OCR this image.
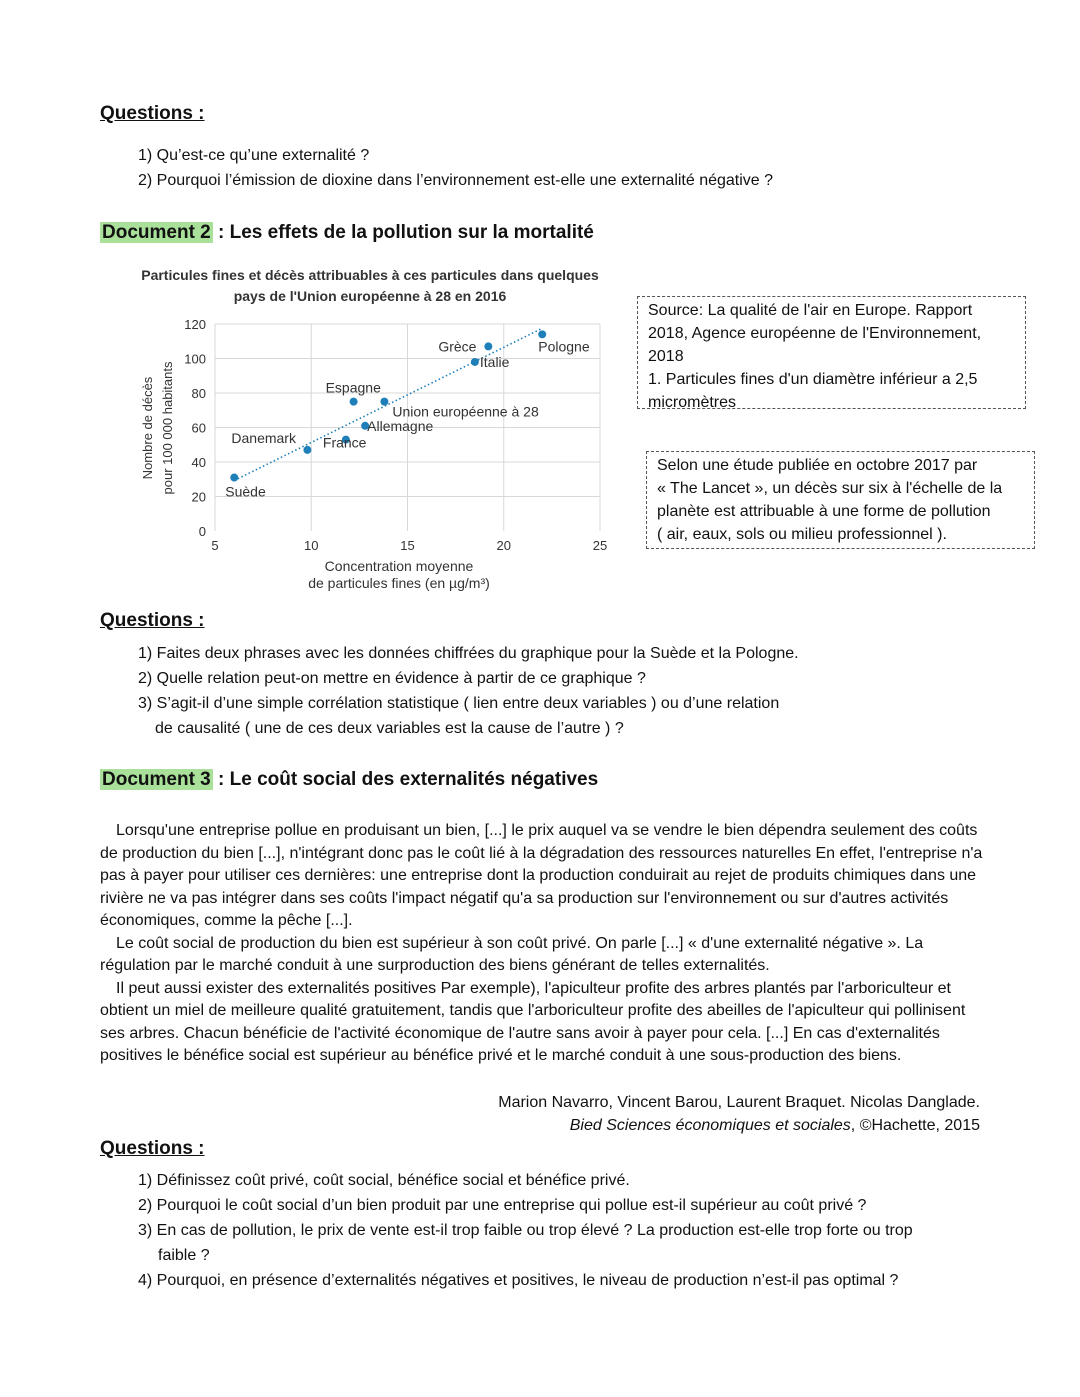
Questions :
1) Qu’est-ce qu’une externalité ?
2) Pourquoi l’émission de dioxine dans l’environnement est-elle une externalité négative ?
Document 2 : Les effets de la pollution sur la mortalité
Particules fines et décès attribuables à ces particules dans quelques
pays de l'Union européenne à 28 en 2016
0
20
40
60
80
100
120
5	10	15	20	25
Nombre de décès pour 100 000 habitants
Concentration moyenne
de particules fines (en µg/m³)
Suède
Danemark France
Allemagne
Espagne
Union européenne à 28
Italie
Grèce	Pologne
Source: La qualité de l'air en Europe. Rapport
2018, Agence européenne de l'Environnement,
2018
1. Particules fines d'un diamètre inférieur a 2,5
micromètres
Selon une étude publiée en octobre 2017 par
« The Lancet », un décès sur six à l'échelle de la
planète est attribuable à une forme de pollution
( air, eaux, sols ou milieu professionnel ).
Questions :
1) Faites deux phrases avec les données chiffrées du graphique pour la Suède et la Pologne.
2) Quelle relation peut-on mettre en évidence à partir de ce graphique ?
3) S’agit-il d’une simple corrélation statistique ( lien entre deux variables ) ou d’une relation
de causalité ( une de ces deux variables est la cause de l’autre ) ?
Document 3 : Le coût social des externalités négatives

Lorsqu'une entreprise pollue en produisant un bien, [...] le prix auquel va se vendre le bien dépendra seulement des coûts de production du bien [...], n'intégrant donc pas le coût lié à la dégradation des ressources naturelles En effet, l'entreprise n'a pas à payer pour utiliser ces dernières: une entreprise dont la production conduirait au rejet de produits chimiques dans une rivière ne va pas intégrer dans ses coûts l'impact négatif qu'a sa production sur l'environnement ou sur d'autres activités économiques, comme la pêche [...].

Le coût social de production du bien est supérieur à son coût privé. On parle [...] « d'une externalité négative ». La régulation par le marché conduit à une surproduction des biens générant de telles externalités.

Il peut aussi exister des externalités positives Par exemple), l'apiculteur profite des arbres plantés par l'arboriculteur et obtient un miel de meilleure qualité gratuitement, tandis que l'arboriculteur profite des abeilles de l'apiculteur qui pollinisent ses arbres. Chacun bénéficie de l'activité économique de l'autre sans avoir à payer pour cela. [...] En cas d'externalités positives le bénéfice social est supérieur au bénéfice privé et le marché conduit à une sous-production des biens.

Marion Navarro, Vincent Barou, Laurent Braquet. Nicolas Danglade.
Bied Sciences économiques et sociales, ©Hachette, 2015
Questions :
1) Définissez coût privé, coût social, bénéfice social et bénéfice privé.
2) Pourquoi le coût social d’un bien produit par une entreprise qui pollue est-il supérieur au coût privé ?
3) En cas de pollution, le prix de vente est-il trop faible ou trop élevé ? La production est-elle trop forte ou trop
faible ?
4) Pourquoi, en présence d’externalités négatives et positives, le niveau de production n’est-il pas optimal ?
